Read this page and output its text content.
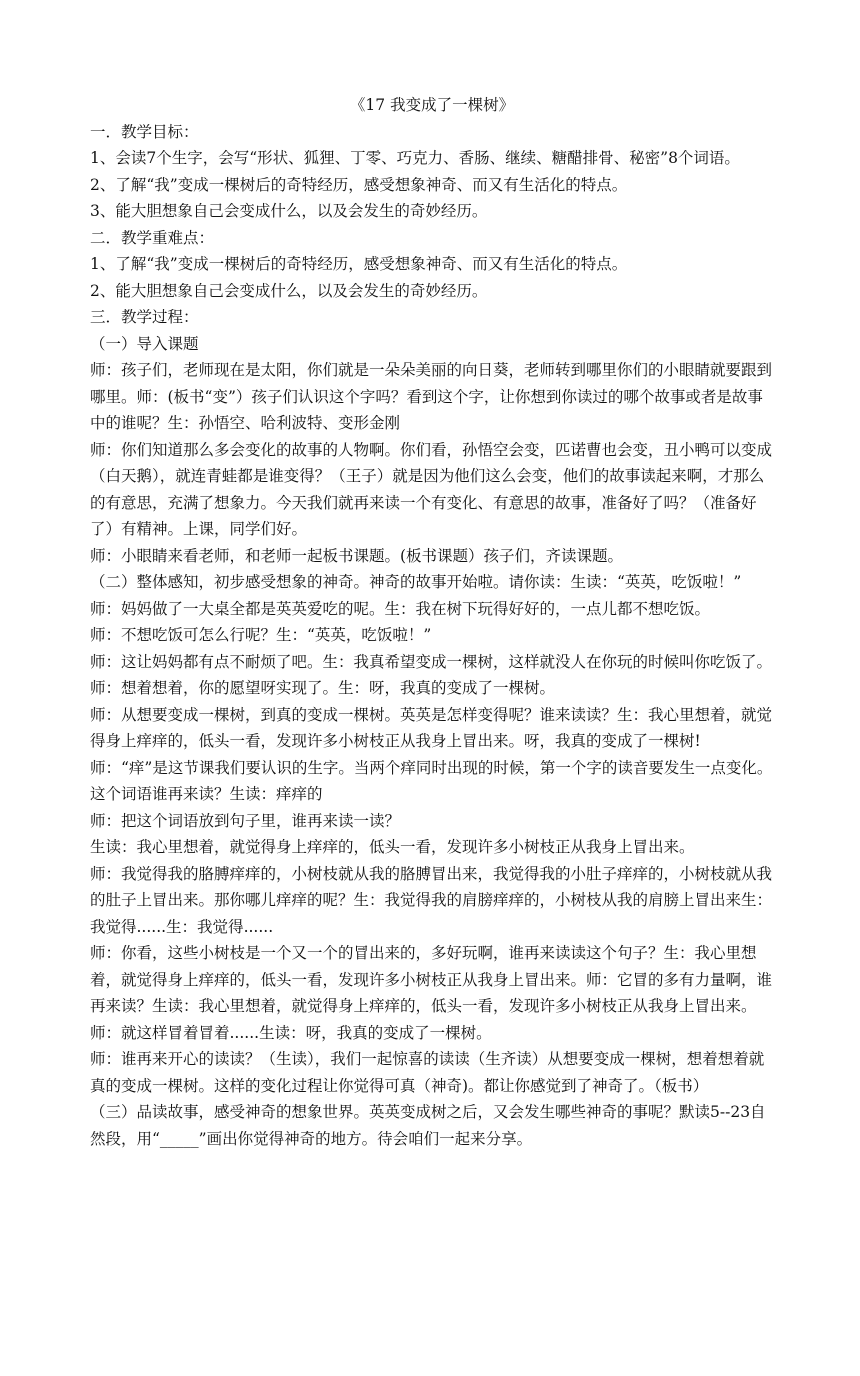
《17 我变成了一棵树》

一．教学目标：

1、会读7个生字，会写“形状、狐狸、丁零、巧克力、香肠、继续、糖醋排骨、秘密”8个词语。

2、了解“我”变成一棵树后的奇特经历，感受想象神奇、而又有生活化的特点。

3、能大胆想象自己会变成什么，以及会发生的奇妙经历。

二．教学重难点：

1、了解“我”变成一棵树后的奇特经历，感受想象神奇、而又有生活化的特点。

2、能大胆想象自己会变成什么，以及会发生的奇妙经历。

三．教学过程：

（一）导入课题

师：孩子们，老师现在是太阳，你们就是一朵朵美丽的向日葵，老师转到哪里你们的小眼睛就要跟到哪里。师：(板书“变”）孩子们认识这个字吗？看到这个字，让你想到你读过的哪个故事或者是故事中的谁呢？生：孙悟空、哈利波特、变形金刚

师：你们知道那么多会变化的故事的人物啊。你们看，孙悟空会变，匹诺曹也会变，丑小鸭可以变成（白天鹅），就连青蛙都是谁变得？（王子）就是因为他们这么会变，他们的故事读起来啊，才那么的有意思，充满了想象力。今天我们就再来读一个有变化、有意思的故事，准备好了吗？（准备好了）有精神。上课，同学们好。

师：小眼睛来看老师，和老师一起板书课题。(板书课题）孩子们，齐读课题。

（二）整体感知，初步感受想象的神奇。神奇的故事开始啦。请你读：生读：“英英，吃饭啦！”

师：妈妈做了一大桌全都是英英爱吃的呢。生：我在树下玩得好好的，一点儿都不想吃饭。

师：不想吃饭可怎么行呢？生：“英英，吃饭啦！”

师：这让妈妈都有点不耐烦了吧。生：我真希望变成一棵树，这样就没人在你玩的时候叫你吃饭了。

师：想着想着，你的愿望呀实现了。生：呀，我真的变成了一棵树。

师：从想要变成一棵树，到真的变成一棵树。英英是怎样变得呢？谁来读读？生：我心里想着，就觉得身上痒痒的，低头一看，发现许多小树枝正从我身上冒出来。呀，我真的变成了一棵树!

师：“痒”是这节课我们要认识的生字。当两个痒同时出现的时候，第一个字的读音要发生一点变化。这个词语谁再来读？生读：痒痒的

师：把这个词语放到句子里，谁再来读一读？

生读：我心里想着，就觉得身上痒痒的，低头一看，发现许多小树枝正从我身上冒出来。

师：我觉得我的胳膊痒痒的，小树枝就从我的胳膊冒出来，我觉得我的小肚子痒痒的，小树枝就从我的肚子上冒出来。那你哪儿痒痒的呢？生：我觉得我的肩膀痒痒的，小树枝从我的肩膀上冒出来生：我觉得......生：我觉得......

师：你看，这些小树枝是一个又一个的冒出来的，多好玩啊，谁再来读读这个句子？生：我心里想着，就觉得身上痒痒的，低头一看，发现许多小树枝正从我身上冒出来。师：它冒的多有力量啊，谁再来读？生读：我心里想着，就觉得身上痒痒的，低头一看，发现许多小树枝正从我身上冒出来。

师：就这样冒着冒着......生读：呀，我真的变成了一棵树。

师：谁再来开心的读读？（生读），我们一起惊喜的读读（生齐读）从想要变成一棵树，想着想着就真的变成一棵树。这样的变化过程让你觉得可真（神奇)。都让你感觉到了神奇了。（板书）

（三）品读故事，感受神奇的想象世界。英英变成树之后，又会发生哪些神奇的事呢？默读5--23自然段，用“_____”画出你觉得神奇的地方。待会咱们一起来分享。
